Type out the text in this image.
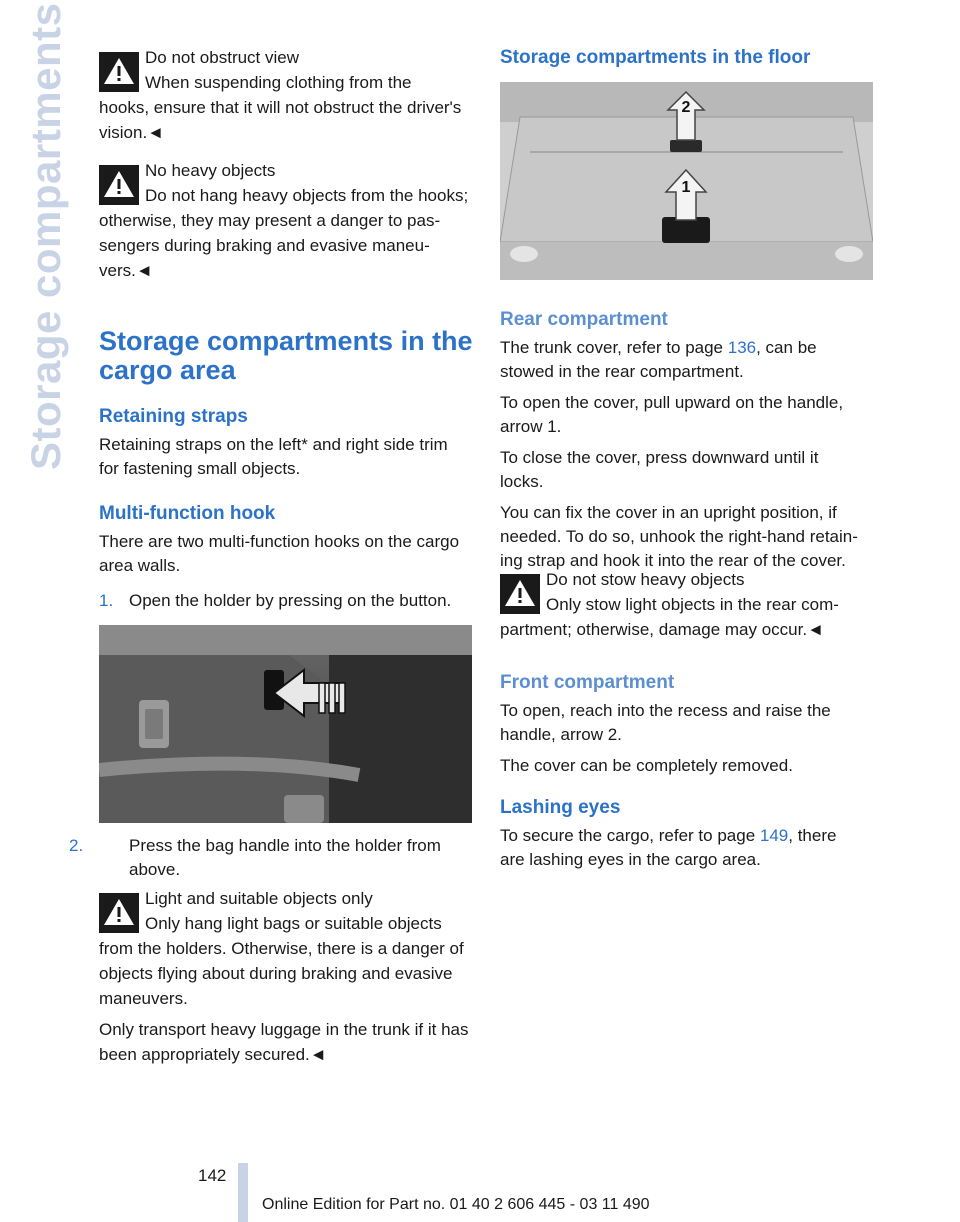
Storage compartments	Do not obstruct view

When suspending clothing from the

hooks, ensure that it will not obstruct the driver's

vision.◄

No heavy objects

Do not hang heavy objects from the hooks;

otherwise, they may present a danger to pas-

sengers during braking and evasive maneu-

vers.◄

Storage compartments in the
cargo area
Retaining straps

Retaining straps on the left* and right side trim

for fastening small objects.

Multi-function hook

There are two multi-function hooks on the cargo

area walls.

1. Open the holder by pressing on the button.

2.	Press the bag handle into the holder from

above.

Light and suitable objects only

Only hang light bags or suitable objects

from the holders. Otherwise, there is a danger of

objects flying about during braking and evasive

maneuvers.

Only transport heavy luggage in the trunk if it has

been appropriately secured.◄

Storage compartments in the floor
2
1
Rear compartment

The trunk cover, refer to page 136, can be

stowed in the rear compartment.

To open the cover, pull upward on the handle,

arrow 1.

To close the cover, press downward until it

locks.

You can fix the cover in an upright position, if

needed. To do so, unhook the right-hand retain-

ing strap and hook it into the rear of the cover.

Do not stow heavy objects

Only stow light objects in the rear com-

partment; otherwise, damage may occur.◄

Front compartment

To open, reach into the recess and raise the

handle, arrow 2.

The cover can be completely removed.

Lashing eyes

To secure the cargo, refer to page 149, there

are lashing eyes in the cargo area.

142
Online Edition for Part no. 01 40 2 606 445 - 03 11 490
